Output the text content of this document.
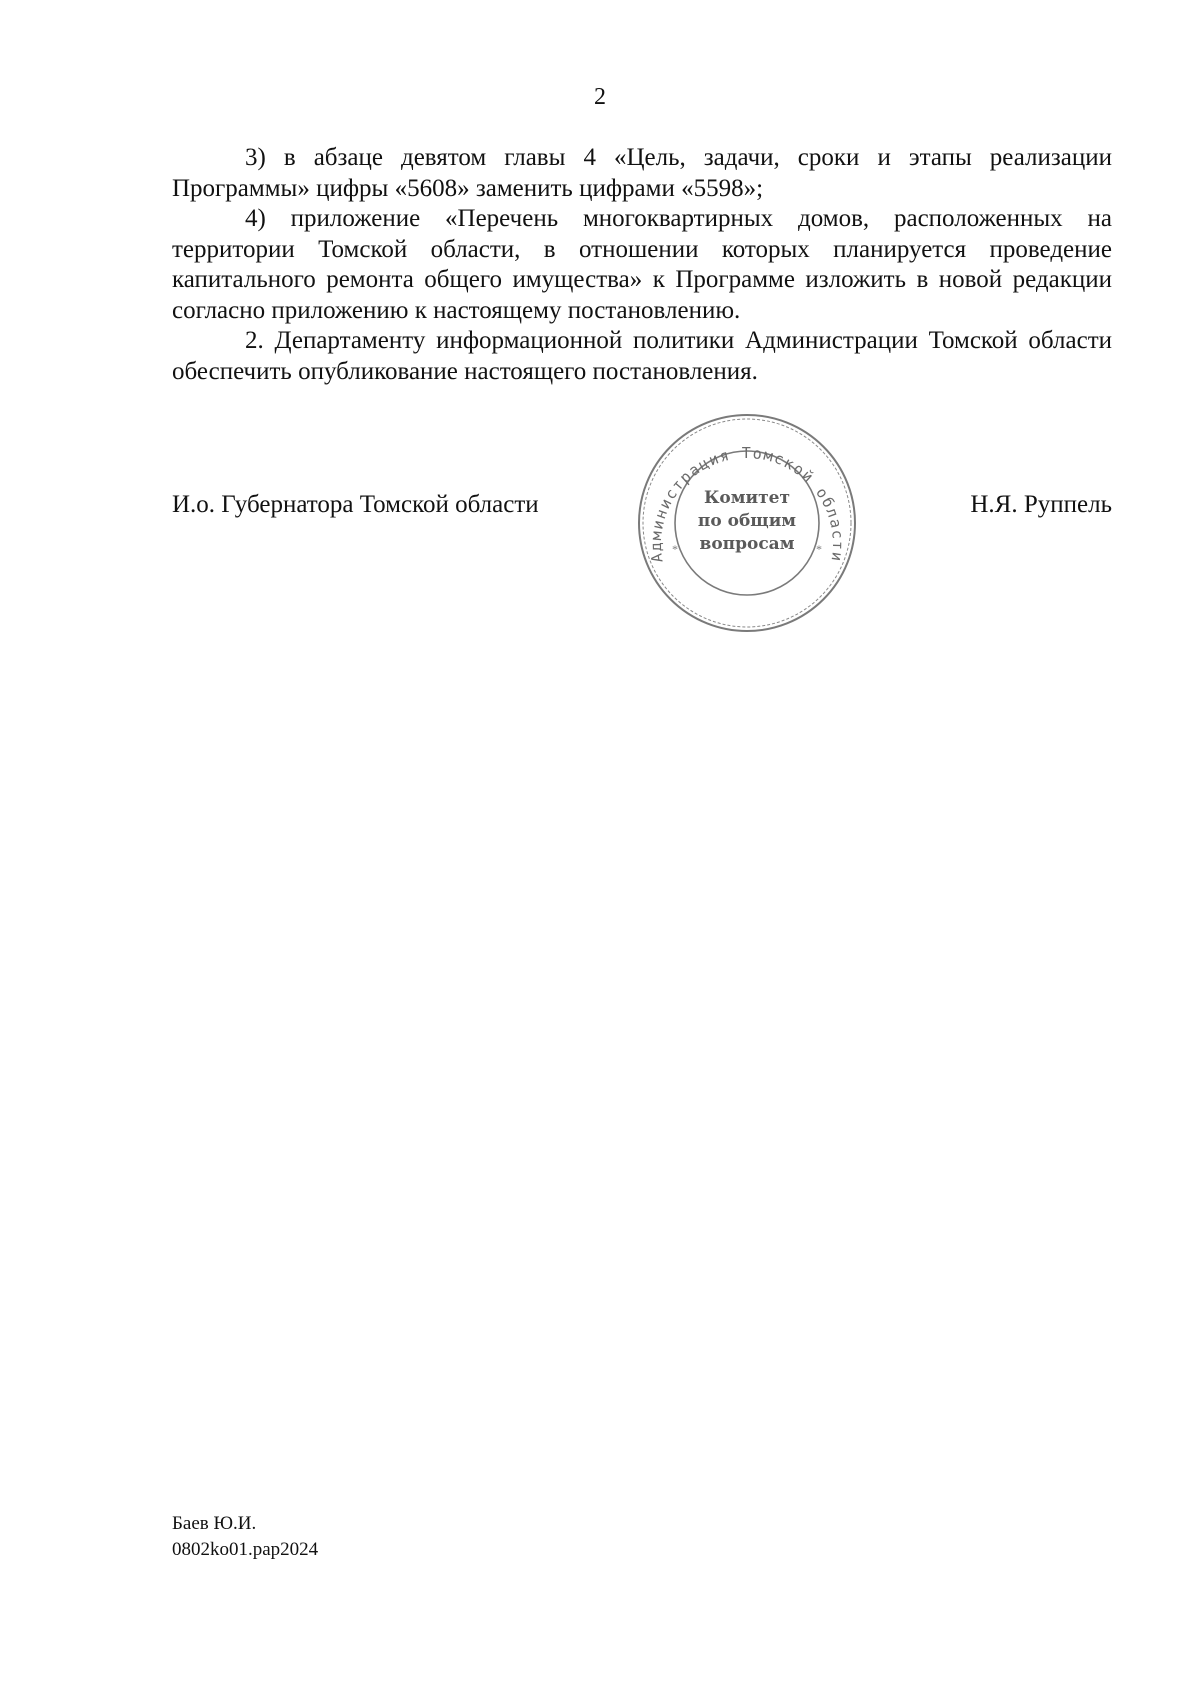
2

3) в абзаце девятом главы 4 «Цель, задачи, сроки и этапы реализации Программы» цифры «5608» заменить цифрами «5598»;

4) приложение «Перечень многоквартирных домов, расположенных на территории Томской области, в отношении которых планируется проведение капитального ремонта общего имущества» к Программе изложить в новой редакции согласно приложению к настоящему постановлению.

2. Департаменту информационной политики Администрации Томской области обеспечить опубликование настоящего постановления.

И.о. Губернатора Томской области	Н.Я. Руппель
Администрация Томской области
*	*
Комитет
по общим
вопросам
Баев Ю.И.
0802ko01.pap2024
